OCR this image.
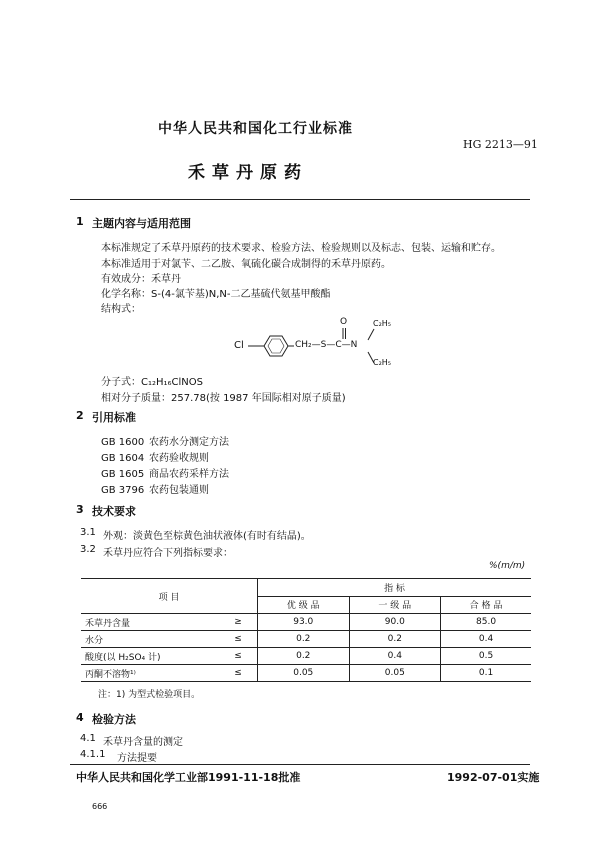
中华人民共和国化工行业标准
HG 2213—91
禾草丹原药
1 主题内容与适用范围
本标准规定了禾草丹原药的技术要求、检验方法、检验规则以及标志、包装、运输和贮存。
本标准适用于对氯苄、二乙胺、氧硫化碳合成制得的禾草丹原药。
有效成分：禾草丹
化学名称：S-(4-氯苄基)N,N-二乙基硫代氨基甲酸酯
结构式：
Cl	CH₂—S—C—N
O	C₂H₅
C₂H₅
分子式：C₁₂H₁₆ClNOS
相对分子质量：257.78(按 1987 年国际相对原子质量)
2 引用标准
GB 1600 农药水分测定方法
GB 1604 农药验收规则
GB 1605 商品农药采样方法
GB 3796 农药包装通则
3 技术要求
3.1 外观：淡黄色至棕黄色油状液体(有时有结晶)。
3.2 禾草丹应符合下列指标要求：
%(m/m)
项 目		指 标		
		优 级 品	一 级 品	合 格 品
禾草丹含量	≥	93.0	90.0	85.0
水分	≤	0.2	0.2	0.4
酸度(以 H₂SO₄ 计)	≤	0.2	0.4	0.5
丙酮不溶物¹⁾	≤	0.05	0.05	0.1
注：1) 为型式检验项目。
4 检验方法
4.1 禾草丹含量的测定
4.1.1 方法提要
中华人民共和国化学工业部1991-11-18批准	1992-07-01实施
666
